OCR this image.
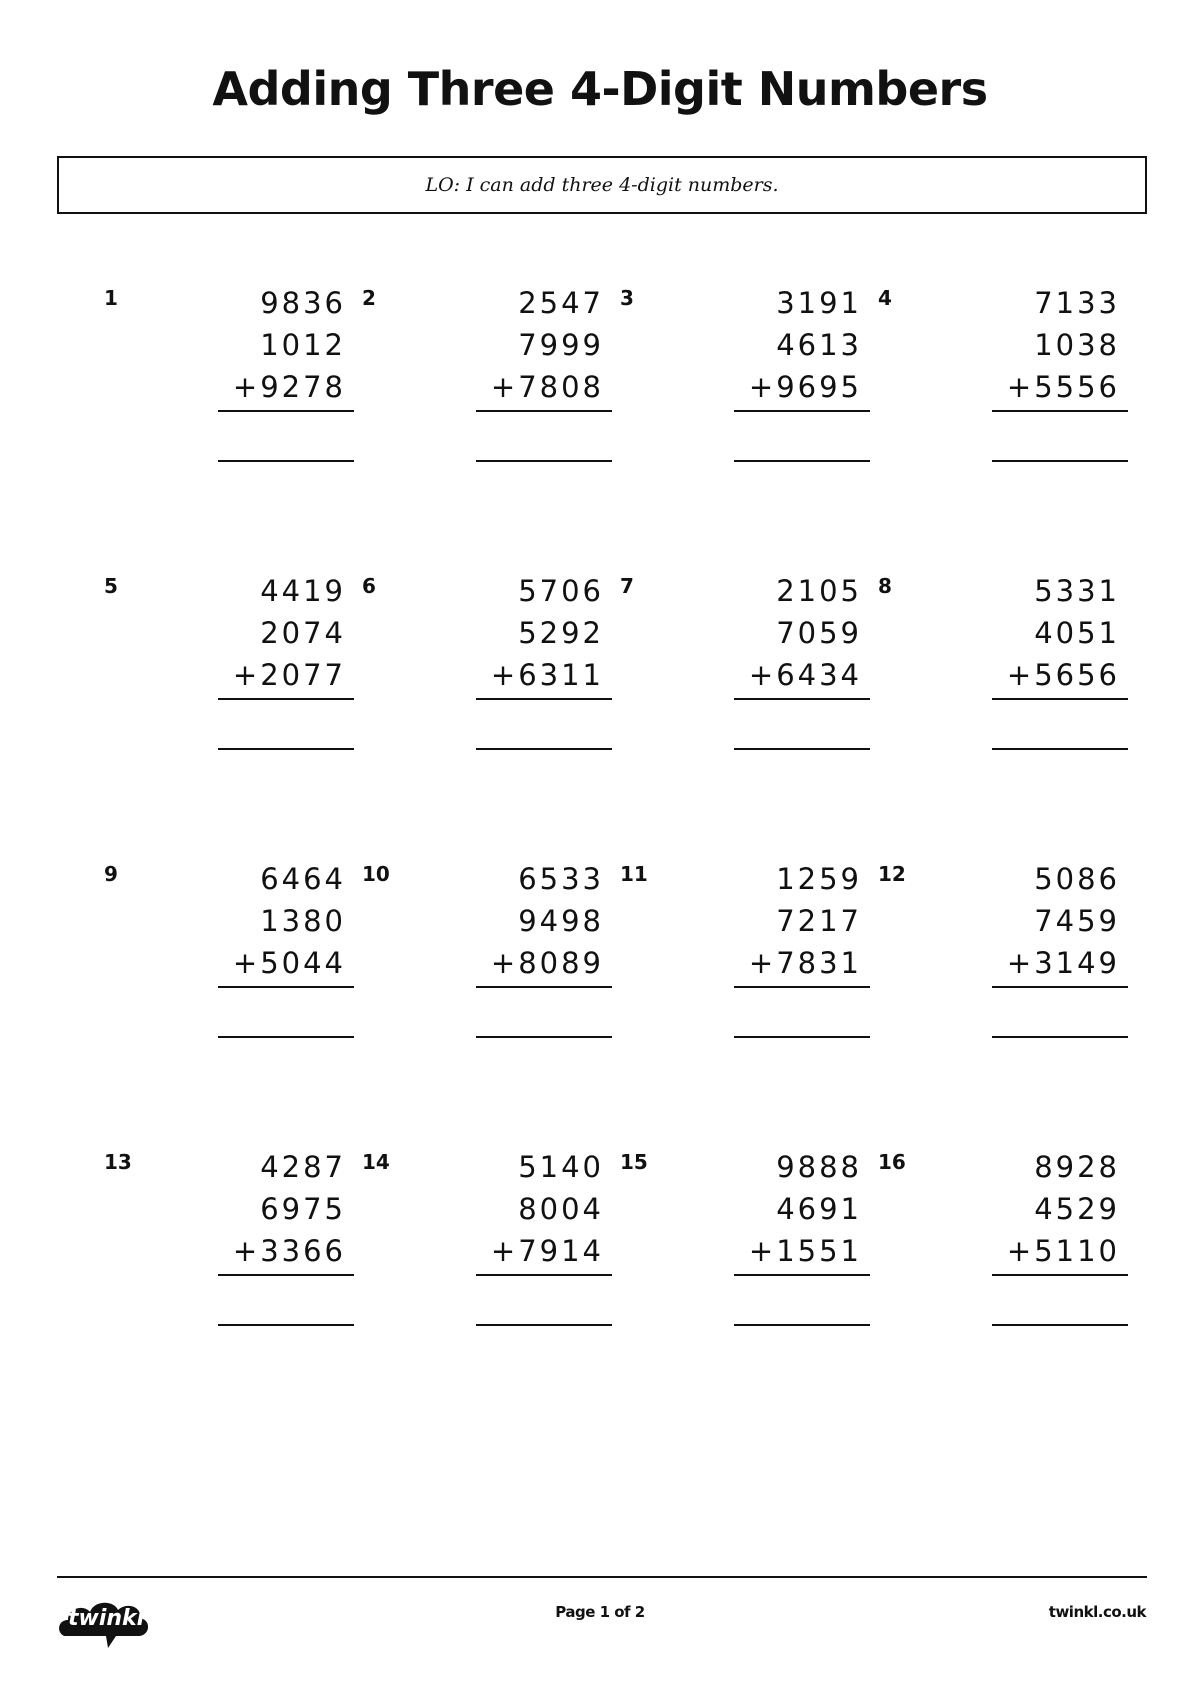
Adding Three 4-Digit Numbers
LO: I can add three 4-digit numbers.
1	9836
1012
+9278
2	2547
7999
+7808
3	3191
4613
+9695
4	7133
1038
+5556
5	4419
2074
+2077
6	5706
5292
+6311
7	2105
7059
+6434
8	5331
4051
+5656
9	6464
1380
+5044
10	6533
9498
+8089
11	1259
7217
+7831
12	5086
7459
+3149
13	4287
6975
+3366
14	5140
8004
+7914
15	9888
4691
+1551
16	8928
4529
+5110
twinkl	Page 1 of 2	twinkl.co.uk
